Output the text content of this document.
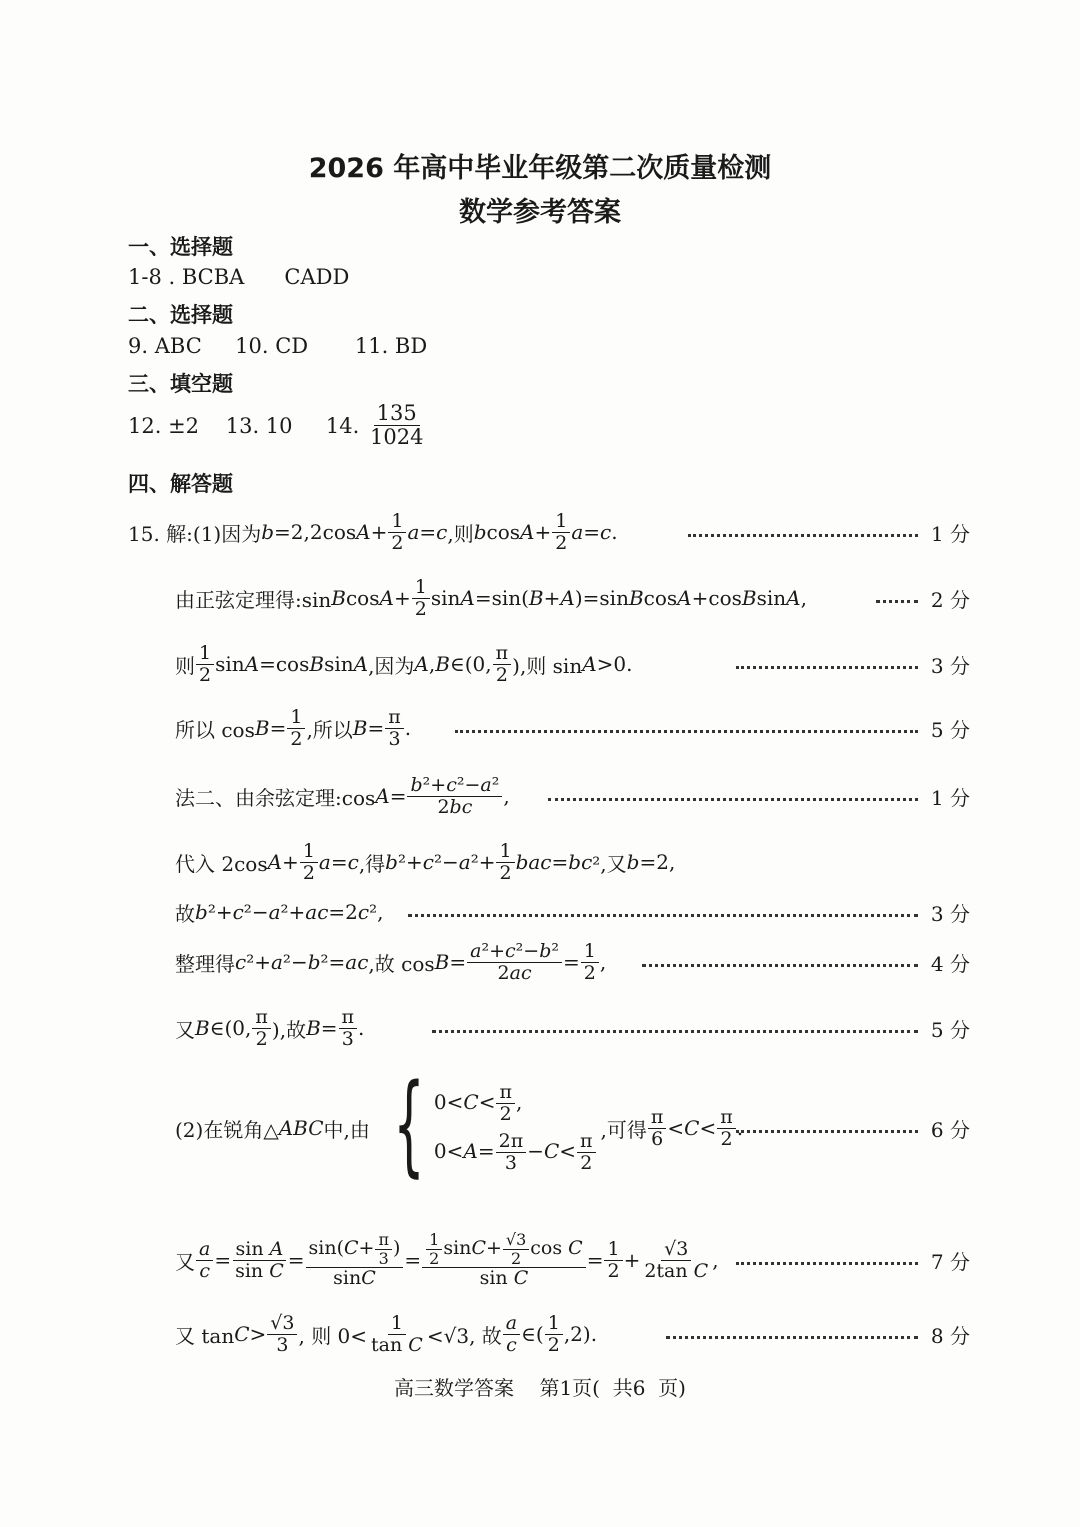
2026 年高中毕业年级第二次质量检测
数学参考答案
一、选择题
1-8 . BCBA      CADD
二、选择题
9. ABC     10. CD       11. BD
三、填空题
12. ±2    13. 10     14. $\frac{135}{1024}$
四、解答题
15. 解:(1)因为 b =2,2cos $A + \frac{1}{2}$ a = c ,则 b $\cos A + \frac{1}{2}$ a = c .	1 分
由正弦定理得:sin B $\cos A + \frac{1}{2}$ sin A =sin( B + A )=sin B cos A +cos B sin A ,	2 分
则 $\frac{1}{2}$ sin A =cos B sin A ,因为 A , B ∈(0, $\frac{\pi}{2}$ ),则 sin A >0.	3 分
所以 $\cos B = \frac{1}{2}$ ,所以 $B = \frac{\pi}{3}$ .	5 分
法二、由余弦定理:cos $A = \frac{\text{b²+c²−a²}}{2bc}$ ,	1 分
代入 2cos $A + \frac{1}{2}$ a = c ,得 b ²+ c ²− a $^2+ \frac{1}{2}$ bac = bc ²,又 b =2,
故 b ²+ c ²− a ²+ ac =2 c ²,	3 分
整理得 c ²+ a ²− b ²= ac ,故 $\cos B = \frac{\text{a²+c²−b²}}{2ac} = \frac{1}{2}$ ,	4 分
又 B ∈(0, $\frac{\pi}{2}$ ),故 $B = \frac{\pi}{3}$ .	5 分
(2)在锐角△ ABC 中,由 { $0<C< \frac{\pi}{2}$ ,
$0<A= \frac{2\pi}{3} -C< \frac{\pi}{2}$
,可得 $\frac{\pi}{6} < C < \frac{\pi}{2}$ .	6 分
又 $\frac{a}{c} = \frac{\text{sin A}}{\text{sin C}} = \frac{\sin(C+ \frac{\pi}{3} )}{\sin C} = \frac{\frac{1}{2} \sin C+ \frac{√3}{2} \cos C}{\text{sin C}} = \frac{1}{2} + \frac{√3}{\text{2tan C}}$ ,	7 分
又 $\tan C > \frac{√3}{3}$ , 则 $0< \frac{1}{\text{tan C}} <√3$, 故 $\frac{a}{c}$ ∈( $\frac{1}{2} ,2$).	8 分
高三数学答案    第1页(  共6  页)
